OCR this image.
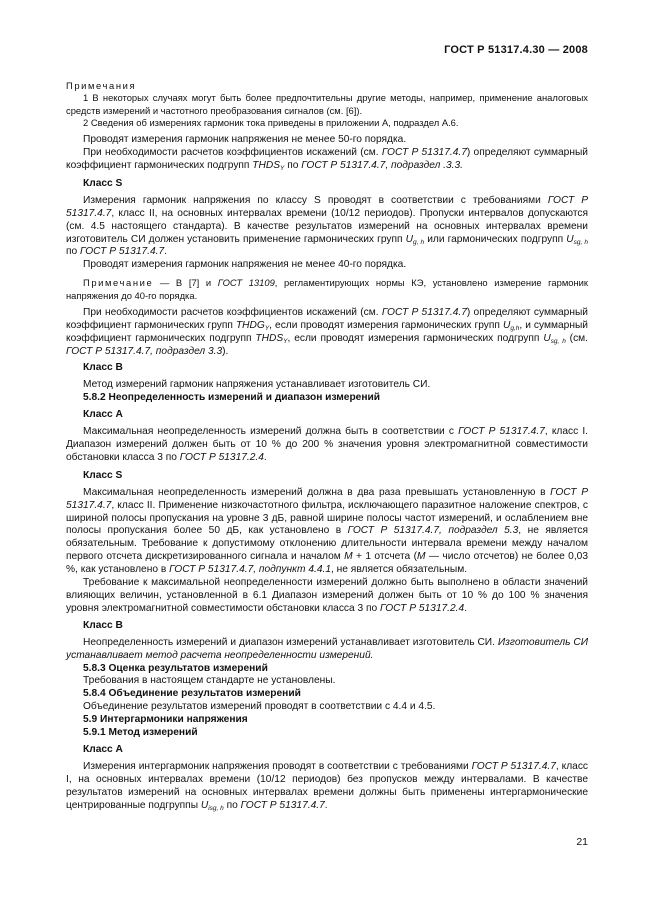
ГОСТ Р 51317.4.30 — 2008

Примечания

1 В некоторых случаях могут быть более предпочтительны другие методы, например, применение аналоговых средств измерений и частотного преобразования сигналов (см. [6]).

2 Сведения об измерениях гармоник тока приведены в приложении А, подраздел А.6.

Проводят измерения гармоник напряжения не менее 50-го порядка.

При необходимости расчетов коэффициентов искажений (см. ГОСТ Р 51317.4.7) определяют суммарный коэффициент гармонических подгрупп $THDS_Y$ по ГОСТ Р 51317.4.7, подраздел .3.3.

Класс S

Измерения гармоник напряжения по классу S проводят в соответствии с требованиями ГОСТ Р 51317.4.7, класс II, на основных интервалах времени (10/12 периодов). Пропуски интервалов допускаются (см. 4.5 настоящего стандарта). В качестве результатов измерений на основных интервалах времени изготовитель СИ должен установить применение гармонических групп $U_{g, h}$ или гармонических подгрупп $U_{sg, h}$ по ГОСТ Р 51317.4.7.

Проводят измерения гармоник напряжения не менее 40-го порядка.

Примечание — В [7] и ГОСТ 13109, регламентирующих нормы КЭ, установлено измерение гармоник напряжения до 40-го порядка.

При необходимости расчетов коэффициентов искажений (см. ГОСТ Р 51317.4.7) определяют суммарный коэффициент гармонических групп $THDG_Y$, если проводят измерения гармонических групп $U_{g,h}$, и суммарный коэффициент гармонических подгрупп $THDS_Y$, если проводят измерения гармонических подгрупп $U_{sg, h}$ (см. ГОСТ Р 51317.4.7, подраздел 3.3).

Класс В

Метод измерений гармоник напряжения устанавливает изготовитель СИ.

5.8.2 Неопределенность измерений и диапазон измерений

Класс А

Максимальная неопределенность измерений должна быть в соответствии с ГОСТ Р 51317.4.7, класс I. Диапазон измерений должен быть от 10 % до 200 % значения уровня электромагнитной совместимости обстановки класса 3 по ГОСТ Р 51317.2.4.

Класс S

Максимальная неопределенность измерений должна в два раза превышать установленную в ГОСТ Р 51317.4.7, класс II. Применение низкочастотного фильтра, исключающего паразитное наложение спектров, с шириной полосы пропускания на уровне 3 дБ, равной ширине полосы частот измерений, и ослаблением вне полосы пропускания более 50 дБ, как установлено в ГОСТ Р 51317.4.7, подраздел 5.3, не является обязательным. Требование к допустимому отклонению длительности интервала времени между началом первого отсчета дискретизированного сигнала и началом М + 1 отсчета (М — число отсчетов) не более 0,03 %, как установлено в ГОСТ Р 51317.4.7, подпункт 4.4.1, не является обязательным.

Требование к максимальной неопределенности измерений должно быть выполнено в области значений влияющих величин, установленной в 6.1 Диапазон измерений должен быть от 10 % до 100 % значения уровня электромагнитной совместимости обстановки класса 3 по ГОСТ Р 51317.2.4.

Класс В

Неопределенность измерений и диапазон измерений устанавливает изготовитель СИ. Изготовитель СИ устанавливает метод расчета неопределенности измерений.

5.8.3 Оценка результатов измерений

Требования в настоящем стандарте не установлены.

5.8.4 Объединение результатов измерений

Объединение результатов измерений проводят в соответствии с 4.4 и 4.5.

5.9 Интергармоники напряжения

5.9.1 Метод измерений

Класс А

Измерения интергармоник напряжения проводят в соответствии с требованиями ГОСТ Р 51317.4.7, класс I, на основных интервалах времени (10/12 периодов) без пропусков между интервалами. В качестве результатов измерений на основных интервалах времени должны быть применены интергармонические центрированные подгруппы $U_{isg, h}$ по ГОСТ Р 51317.4.7.

21
